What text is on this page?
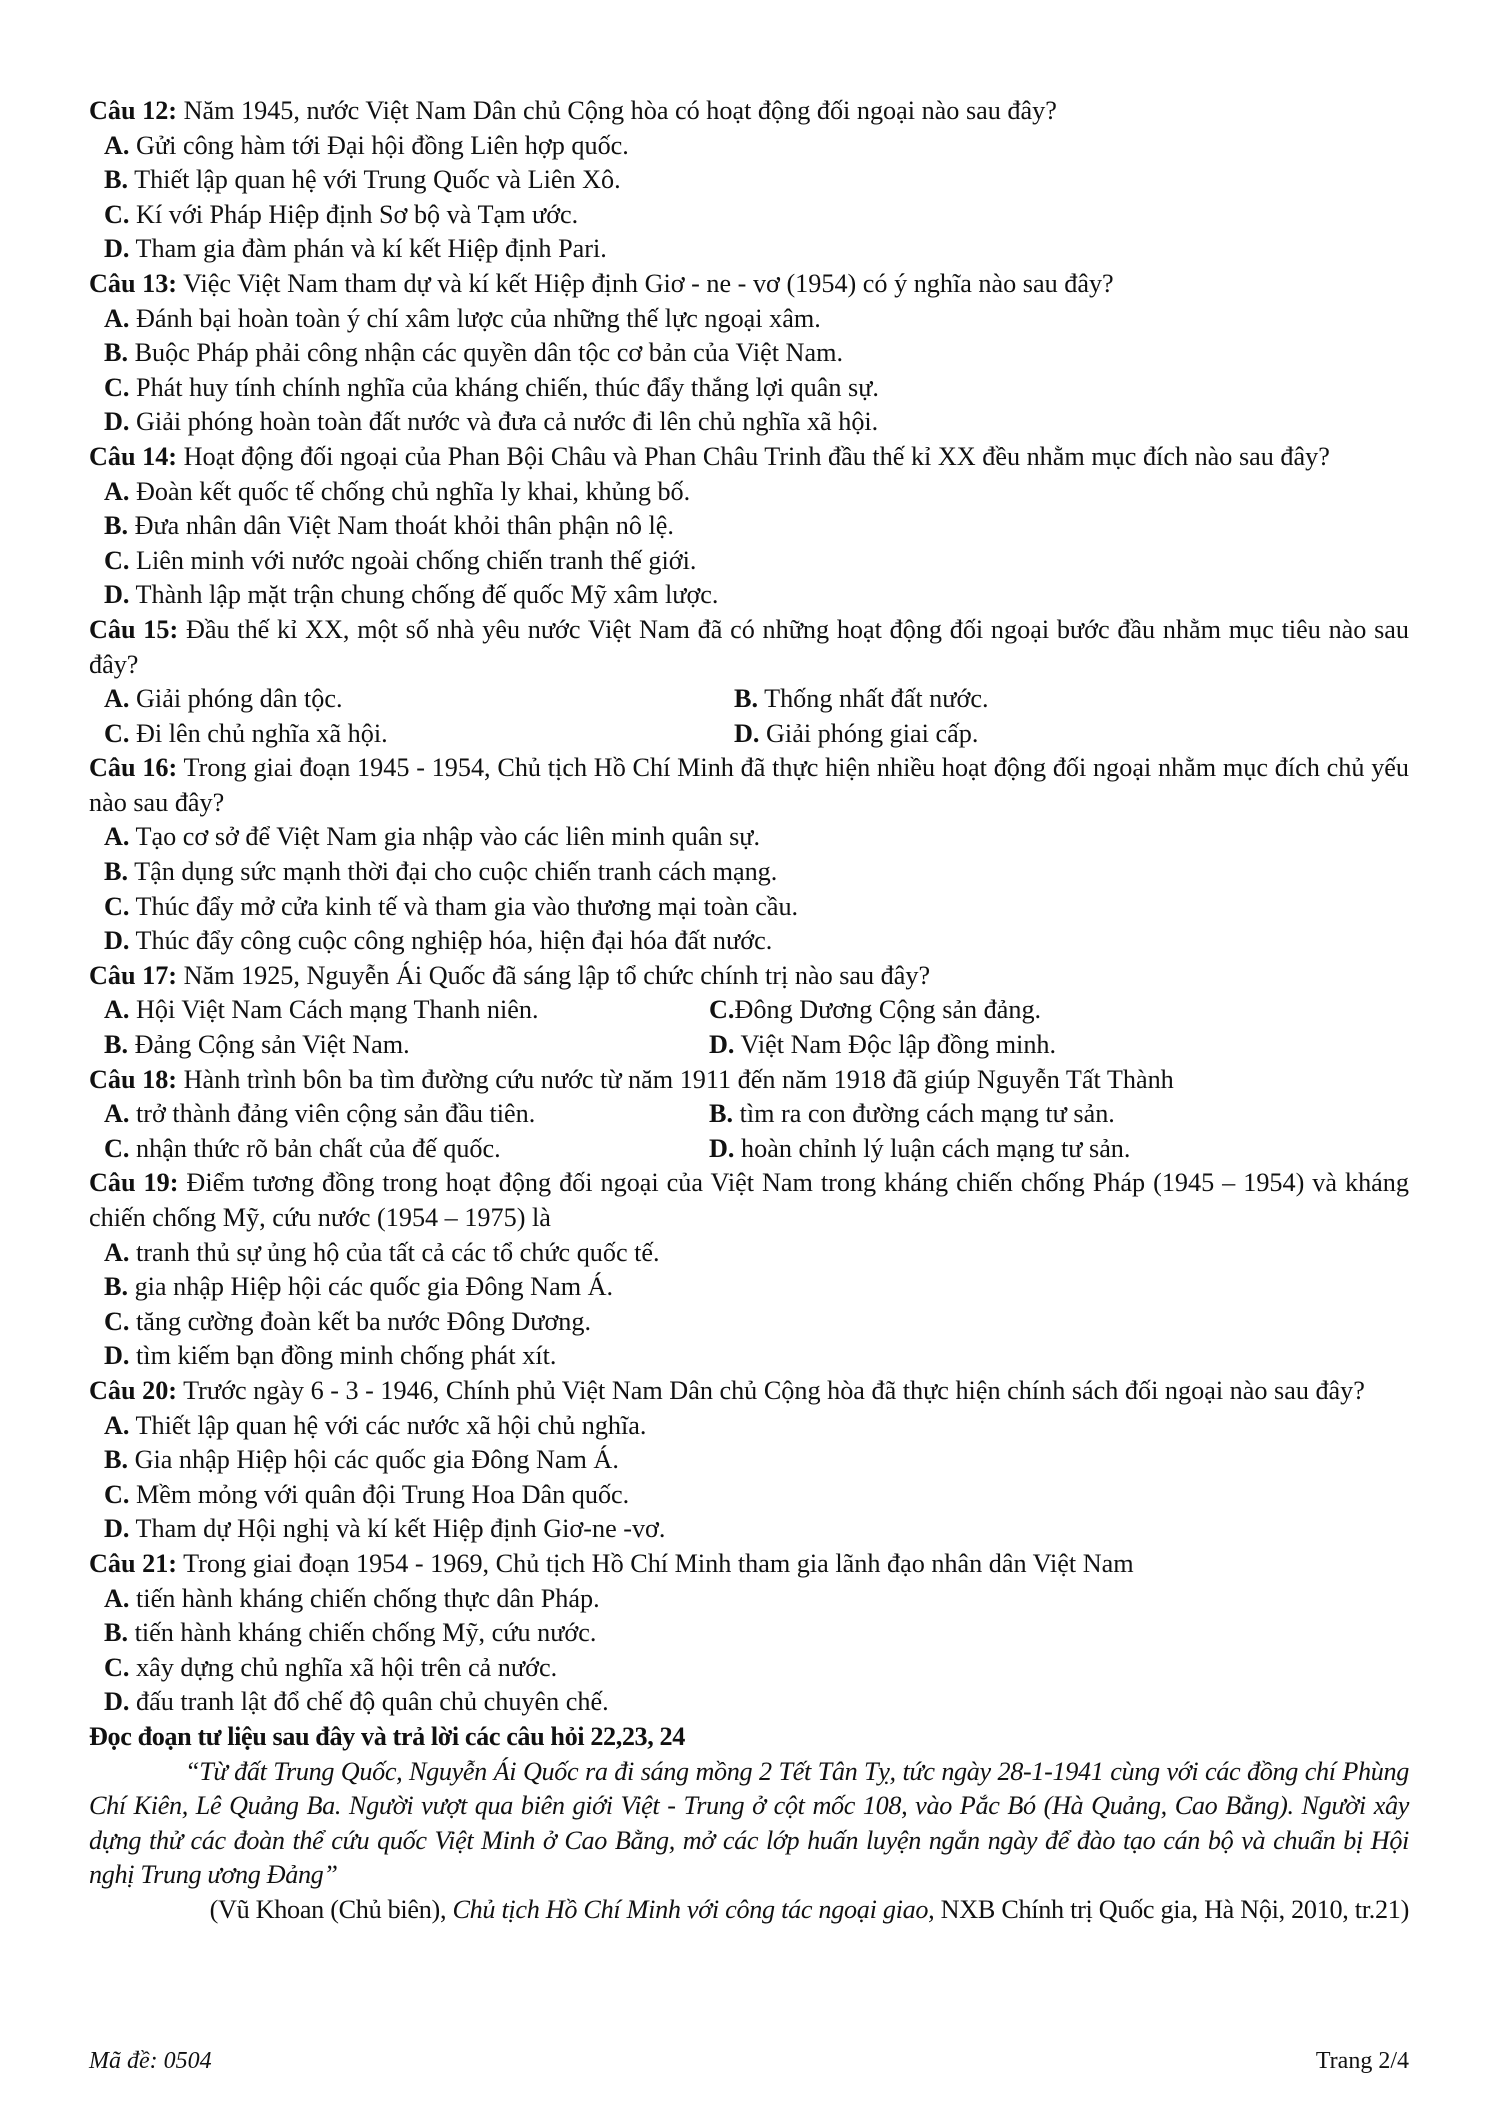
Câu 12: Năm 1945, nước Việt Nam Dân chủ Cộng hòa có hoạt động đối ngoại nào sau đây?
A. Gửi công hàm tới Đại hội đồng Liên hợp quốc.
B. Thiết lập quan hệ với Trung Quốc và Liên Xô.
C. Kí với Pháp Hiệp định Sơ bộ và Tạm ước.
D. Tham gia đàm phán và kí kết Hiệp định Pari.
Câu 13: Việc Việt Nam tham dự và kí kết Hiệp định Giơ - ne - vơ (1954) có ý nghĩa nào sau đây?
A. Đánh bại hoàn toàn ý chí xâm lược của những thế lực ngoại xâm.
B. Buộc Pháp phải công nhận các quyền dân tộc cơ bản của Việt Nam.
C. Phát huy tính chính nghĩa của kháng chiến, thúc đẩy thắng lợi quân sự.
D. Giải phóng hoàn toàn đất nước và đưa cả nước đi lên chủ nghĩa xã hội.
Câu 14: Hoạt động đối ngoại của Phan Bội Châu và Phan Châu Trinh đầu thế kỉ XX đều nhằm mục đích nào sau đây?
A. Đoàn kết quốc tế chống chủ nghĩa ly khai, khủng bố.
B. Đưa nhân dân Việt Nam thoát khỏi thân phận nô lệ.
C. Liên minh với nước ngoài chống chiến tranh thế giới.
D. Thành lập mặt trận chung chống đế quốc Mỹ xâm lược.
Câu 15: Đầu thế kỉ XX, một số nhà yêu nước Việt Nam đã có những hoạt động đối ngoại bước đầu nhằm mục tiêu nào sau đây?
A. Giải phóng dân tộc.	B. Thống nhất đất nước.
C. Đi lên chủ nghĩa xã hội.	D. Giải phóng giai cấp.
Câu 16: Trong giai đoạn 1945 - 1954, Chủ tịch Hồ Chí Minh đã thực hiện nhiều hoạt động đối ngoại nhằm mục đích chủ yếu nào sau đây?
A. Tạo cơ sở để Việt Nam gia nhập vào các liên minh quân sự.
B. Tận dụng sức mạnh thời đại cho cuộc chiến tranh cách mạng.
C. Thúc đẩy mở cửa kinh tế và tham gia vào thương mại toàn cầu.
D. Thúc đẩy công cuộc công nghiệp hóa, hiện đại hóa đất nước.
Câu 17: Năm 1925, Nguyễn Ái Quốc đã sáng lập tổ chức chính trị nào sau đây?
A. Hội Việt Nam Cách mạng Thanh niên.	C.Đông Dương Cộng sản đảng.
B. Đảng Cộng sản Việt Nam.	D. Việt Nam Độc lập đồng minh.
Câu 18: Hành trình bôn ba tìm đường cứu nước từ năm 1911 đến năm 1918 đã giúp Nguyễn Tất Thành
A. trở thành đảng viên cộng sản đầu tiên.	B. tìm ra con đường cách mạng tư sản.
C. nhận thức rõ bản chất của đế quốc.	D. hoàn chỉnh lý luận cách mạng tư sản.
Câu 19: Điểm tương đồng trong hoạt động đối ngoại của Việt Nam trong kháng chiến chống Pháp (1945 – 1954) và kháng chiến chống Mỹ, cứu nước (1954 – 1975) là
A. tranh thủ sự ủng hộ của tất cả các tổ chức quốc tế.
B. gia nhập Hiệp hội các quốc gia Đông Nam Á.
C. tăng cường đoàn kết ba nước Đông Dương.
D. tìm kiếm bạn đồng minh chống phát xít.
Câu 20: Trước ngày 6 - 3 - 1946, Chính phủ Việt Nam Dân chủ Cộng hòa đã thực hiện chính sách đối ngoại nào sau đây?
A. Thiết lập quan hệ với các nước xã hội chủ nghĩa.
B. Gia nhập Hiệp hội các quốc gia Đông Nam Á.
C. Mềm mỏng với quân đội Trung Hoa Dân quốc.
D. Tham dự Hội nghị và kí kết Hiệp định Giơ-ne -vơ.
Câu 21: Trong giai đoạn 1954 - 1969, Chủ tịch Hồ Chí Minh tham gia lãnh đạo nhân dân Việt Nam
A. tiến hành kháng chiến chống thực dân Pháp.
B. tiến hành kháng chiến chống Mỹ, cứu nước.
C. xây dựng chủ nghĩa xã hội trên cả nước.
D. đấu tranh lật đổ chế độ quân chủ chuyên chế.
Đọc đoạn tư liệu sau đây và trả lời các câu hỏi 22,23, 24
“Từ đất Trung Quốc, Nguyễn Ái Quốc ra đi sáng mồng 2 Tết Tân Tỵ, tức ngày 28-1-1941 cùng với các đồng chí Phùng Chí Kiên, Lê Quảng Ba. Người vượt qua biên giới Việt - Trung ở cột mốc 108, vào Pắc Bó (Hà Quảng, Cao Bằng). Người xây dựng thử các đoàn thể cứu quốc Việt Minh ở Cao Bằng, mở các lớp huấn luyện ngắn ngày để đào tạo cán bộ và chuẩn bị Hội nghị Trung ương Đảng”
(Vũ Khoan (Chủ biên), Chủ tịch Hồ Chí Minh với công tác ngoại giao, NXB Chính trị Quốc gia, Hà Nội, 2010, tr.21)
Mã đề: 0504	Trang 2/4
